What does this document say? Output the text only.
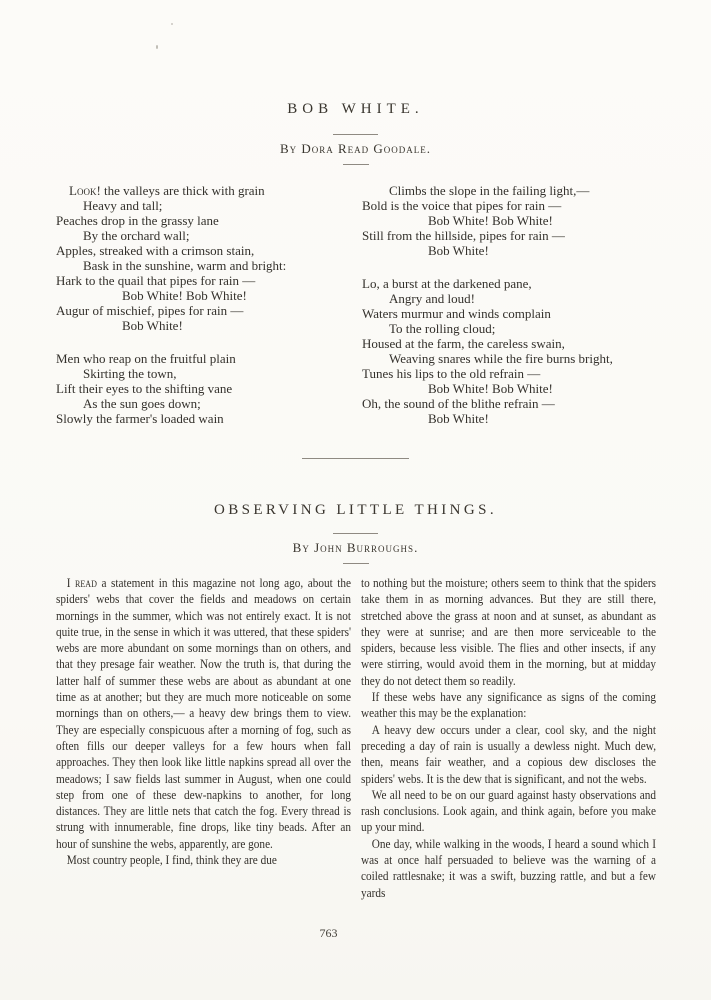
BOB WHITE.
By Dora Read Goodale.
Look! the valleys are thick with grain
Heavy and tall;
Peaches drop in the grassy lane
By the orchard wall;
Apples, streaked with a crimson stain,
Bask in the sunshine, warm and bright:
Hark to the quail that pipes for rain —
Bob White! Bob White!
Augur of mischief, pipes for rain —
Bob White!
Men who reap on the fruitful plain
Skirting the town,
Lift their eyes to the shifting vane
As the sun goes down;
Slowly the farmer's loaded wain
Climbs the slope in the failing light,—
Bold is the voice that pipes for rain —
Bob White! Bob White!
Still from the hillside, pipes for rain —
Bob White!
Lo, a burst at the darkened pane,
Angry and loud!
Waters murmur and winds complain
To the rolling cloud;
Housed at the farm, the careless swain,
Weaving snares while the fire burns bright,
Tunes his lips to the old refrain —
Bob White! Bob White!
Oh, the sound of the blithe refrain —
Bob White!
OBSERVING LITTLE THINGS.
By John Burroughs.

I read a statement in this magazine not long ago, about the spiders' webs that cover the fields and meadows on certain mornings in the summer, which was not entirely exact. It is not quite true, in the sense in which it was uttered, that these spiders' webs are more abundant on some mornings than on others, and that they presage fair weather. Now the truth is, that during the latter half of summer these webs are about as abundant at one time as at another; but they are much more noticeable on some mornings than on others,— a heavy dew brings them to view. They are especially conspicuous after a morning of fog, such as often fills our deeper valleys for a few hours when fall approaches. They then look like little napkins spread all over the meadows; I saw fields last summer in August, when one could step from one of these dew-napkins to another, for long distances. They are little nets that catch the fog. Every thread is strung with innumerable, fine drops, like tiny beads. After an hour of sunshine the webs, apparently, are gone.

Most country people, I find, think they are due

to nothing but the moisture; others seem to think that the spiders take them in as morning advances. But they are still there, stretched above the grass at noon and at sunset, as abundant as they were at sunrise; and are then more serviceable to the spiders, because less visible. The flies and other insects, if any were stirring, would avoid them in the morning, but at midday they do not detect them so readily.

If these webs have any significance as signs of the coming weather this may be the explanation:

A heavy dew occurs under a clear, cool sky, and the night preceding a day of rain is usually a dewless night. Much dew, then, means fair weather, and a copious dew discloses the spiders' webs. It is the dew that is significant, and not the webs.

We all need to be on our guard against hasty observations and rash conclusions. Look again, and think again, before you make up your mind.

One day, while walking in the woods, I heard a sound which I was at once half persuaded to believe was the warning of a coiled rattlesnake; it was a swift, buzzing rattle, and but a few yards

763
